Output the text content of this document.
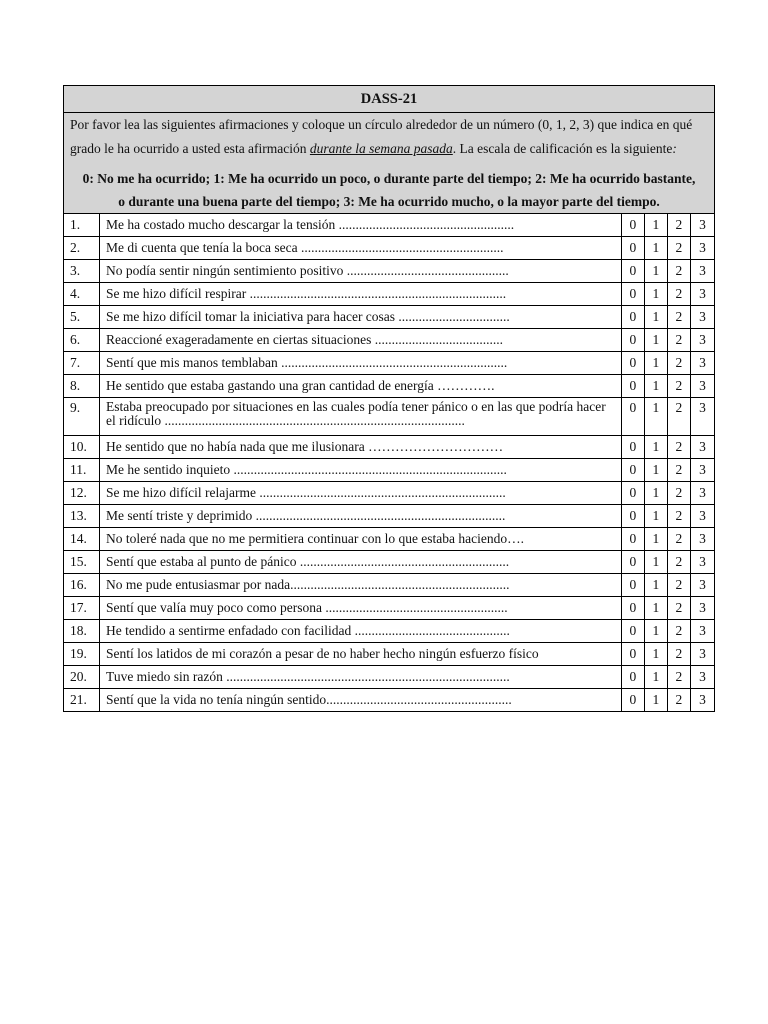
DASS-21					

Por favor lea las siguientes afirmaciones y coloque un círculo alrededor de un número (0, 1, 2, 3) que indica en qué grado le ha ocurrido a usted esta afirmación durante la semana pasada. La escala de calificación es la siguiente:
0: No me ha ocurrido; 1: Me ha ocurrido un poco, o durante parte del tiempo; 2: Me ha ocurrido bastante, o durante una buena parte del tiempo; 3: Me ha ocurrido mucho, o la mayor parte del tiempo.					

1.	Me ha costado mucho descargar la tensión ....................................................	0	1	2	3
2.	Me di cuenta que tenía la boca seca ............................................................	0	1	2	3
3.	No podía sentir ningún sentimiento positivo ................................................	0	1	2	3
4.	Se me hizo difícil respirar ............................................................................	0	1	2	3
5.	Se me hizo difícil tomar la iniciativa para hacer cosas .................................	0	1	2	3
6.	Reaccioné exageradamente en ciertas situaciones ......................................	0	1	2	3
7.	Sentí que mis manos temblaban ...................................................................	0	1	2	3
8.	He sentido que estaba gastando una gran cantidad de energía ………….	0	1	2	3
9.	Estaba preocupado por situaciones en las cuales podía tener pánico o en las que podría hacer el ridículo .........................................................................................	0	1	2	3
10.	He sentido que no había nada que me ilusionara …………………………	0	1	2	3
11.	Me he sentido inquieto .................................................................................	0	1	2	3
12.	Se me hizo difícil relajarme .........................................................................	0	1	2	3
13.	Me sentí triste y deprimido ..........................................................................	0	1	2	3
14.	No toleré nada que no me permitiera continuar con lo que estaba haciendo….	0	1	2	3
15.	Sentí que estaba al punto de pánico ..............................................................	0	1	2	3
16.	No me pude entusiasmar por nada.................................................................	0	1	2	3
17.	Sentí que valía muy poco como persona ......................................................	0	1	2	3
18.	He tendido a sentirme enfadado con facilidad ..............................................	0	1	2	3
19.	Sentí los latidos de mi corazón a pesar de no haber hecho ningún esfuerzo físico	0	1	2	3
20.	Tuve miedo sin razón ....................................................................................	0	1	2	3
21.	Sentí que la vida no tenía ningún sentido.......................................................	0	1	2	3
